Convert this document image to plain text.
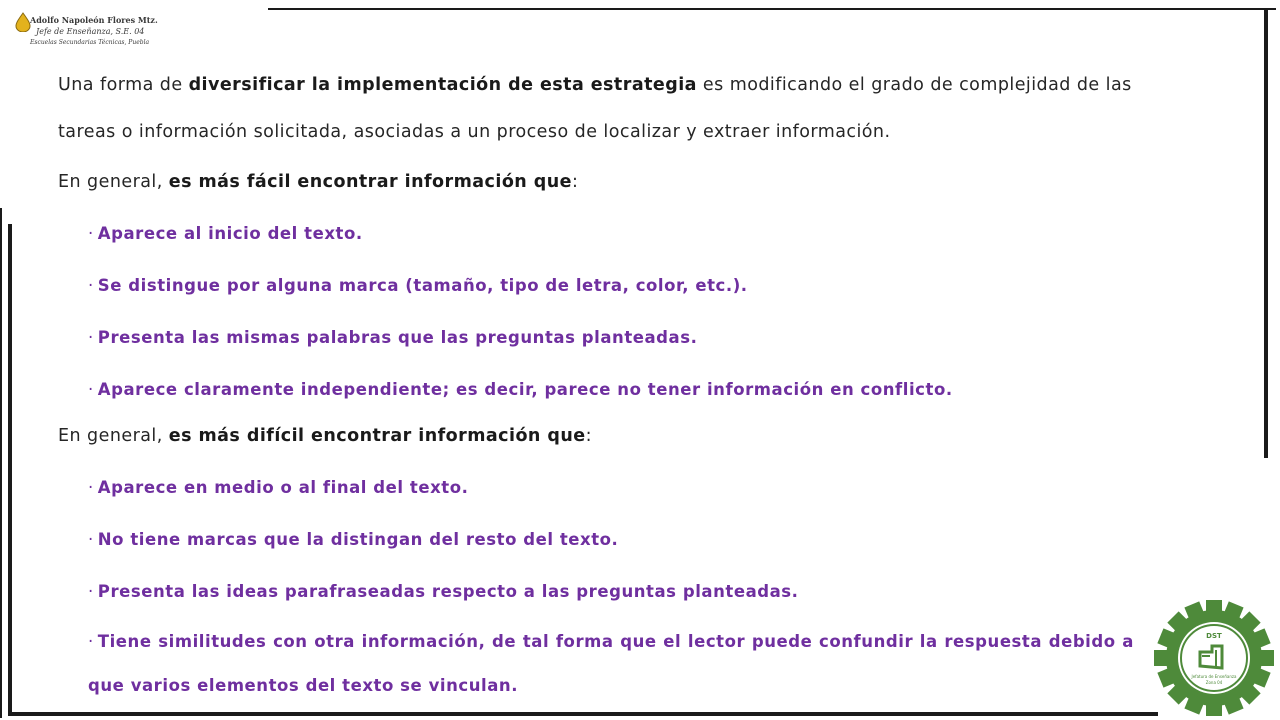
Adolfo Napoleón Flores Mtz.
Jefe de Enseñanza, S.E. 04
Escuelas Secundarias Técnicas, Puebla

Una forma de diversificar la implementación de esta estrategia es modificando el grado de complejidad de las tareas o información solicitada, asociadas a un proceso de localizar y extraer información.

En general, es más fácil encontrar información que:

· Aparece al inicio del texto.

· Se distingue por alguna marca (tamaño, tipo de letra, color, etc.).

· Presenta las mismas palabras que las preguntas planteadas.

· Aparece claramente independiente; es decir, parece no tener información en conflicto.

En general, es más difícil encontrar información que:

· Aparece en medio o al final del texto.

· No tiene marcas que la distingan del resto del texto.

· Presenta las ideas parafraseadas respecto a las preguntas planteadas.

· Tiene similitudes con otra información, de tal forma que el lector puede confundir la respuesta debido a que varios elementos del texto se vinculan.

DST
Jefatura de Enseñanza
Zona 04
